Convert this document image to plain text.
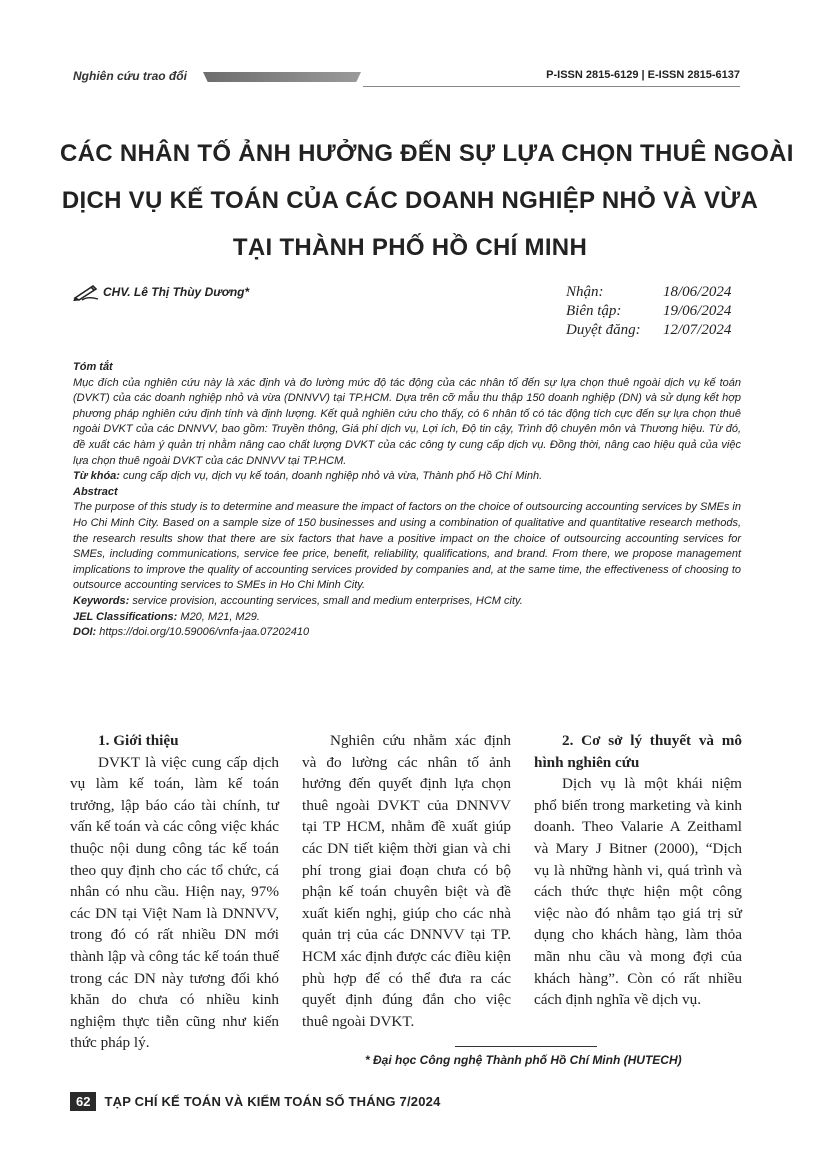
Nghiên cứu trao đổi	P-ISSN 2815-6129 | E-ISSN 2815-6137
CÁC NHÂN TỐ ẢNH HƯỞNG ĐẾN SỰ LỰA CHỌN THUÊ NGOÀI
DỊCH VỤ KẾ TOÁN CỦA CÁC DOANH NGHIỆP NHỎ VÀ VỪA
TẠI THÀNH PHỐ HỒ CHÍ MINH
CHV. Lê Thị Thùy Dương*	Nhận:	18/06/2024
Biên tập:	19/06/2024
Duyệt đăng:	12/07/2024
Tóm tắt
Mục đích của nghiên cứu này là xác định và đo lường mức độ tác động của các nhân tố đến sự lựa chọn thuê ngoài dịch vụ kế toán (DVKT) của các doanh nghiệp nhỏ và vừa (DNNVV) tại TP.HCM. Dựa trên cỡ mẫu thu thập 150 doanh nghiệp (DN) và sử dụng kết hợp phương pháp nghiên cứu định tính và định lượng. Kết quả nghiên cứu cho thấy, có 6 nhân tố có tác động tích cực đến sự lựa chọn thuê ngoài DVKT của các DNNVV, bao gồm: Truyền thông, Giá phí dịch vụ, Lợi ích, Độ tin cậy, Trình độ chuyên môn và Thương hiệu. Từ đó, đề xuất các hàm ý quản trị nhằm nâng cao chất lượng DVKT của các công ty cung cấp dịch vụ. Đồng thời, nâng cao hiệu quả của việc lựa chọn thuê ngoài DVKT của các DNNVV tại TP.HCM.
Từ khóa: cung cấp dịch vụ, dịch vụ kế toán, doanh nghiệp nhỏ và vừa, Thành phố Hồ Chí Minh.
Abstract
The purpose of this study is to determine and measure the impact of factors on the choice of outsourcing accounting services by SMEs in Ho Chi Minh City. Based on a sample size of 150 businesses and using a combination of qualitative and quantitative research methods, the research results show that there are six factors that have a positive impact on the choice of outsourcing accounting services for SMEs, including communications, service fee price, benefit, reliability, qualifications, and brand. From there, we propose management implications to improve the quality of accounting services provided by companies and, at the same time, the effectiveness of choosing to outsource accounting services to SMEs in Ho Chi Minh City.
Keywords: service provision, accounting services, small and medium enterprises, HCM city.
JEL Classifications: M20, M21, M29.
DOI: https://doi.org/10.59006/vnfa-jaa.07202410
1. Giới thiệu
DVKT là việc cung cấp dịch vụ làm kế toán, làm kế toán trưởng, lập báo cáo tài chính, tư vấn kế toán và các công việc khác thuộc nội dung công tác kế toán theo quy định cho các tổ chức, cá nhân có nhu cầu. Hiện nay, 97% các DN tại Việt Nam là DNNVV, trong đó có rất nhiều DN mới thành lập và công tác kế toán thuế trong các DN này tương đối khó khăn do chưa có nhiều kinh nghiệm thực tiễn cũng như kiến thức pháp lý.
Nghiên cứu nhằm xác định và đo lường các nhân tố ảnh hưởng đến quyết định lựa chọn thuê ngoài DVKT của DNNVV tại TP HCM, nhằm đề xuất giúp các DN tiết kiệm thời gian và chi phí trong giai đoạn chưa có bộ phận kế toán chuyên biệt và đề xuất kiến nghị, giúp cho các nhà quản trị của các DNNVV tại TP. HCM xác định được các điều kiện phù hợp để có thể đưa ra các quyết định đúng đắn cho việc thuê ngoài DVKT.
2. Cơ sở lý thuyết và mô hình nghiên cứu
Dịch vụ là một khái niệm phổ biến trong marketing và kinh doanh. Theo Valarie A Zeithaml và Mary J Bitner (2000), “Dịch vụ là những hành vi, quá trình và cách thức thực hiện một công việc nào đó nhằm tạo giá trị sử dụng cho khách hàng, làm thỏa mãn nhu cầu và mong đợi của khách hàng”. Còn có rất nhiều cách định nghĩa về dịch vụ.
* Đại học Công nghệ Thành phố Hồ Chí Minh (HUTECH)
62	TẠP CHÍ KẾ TOÁN VÀ KIỂM TOÁN SỐ THÁNG 7/2024
